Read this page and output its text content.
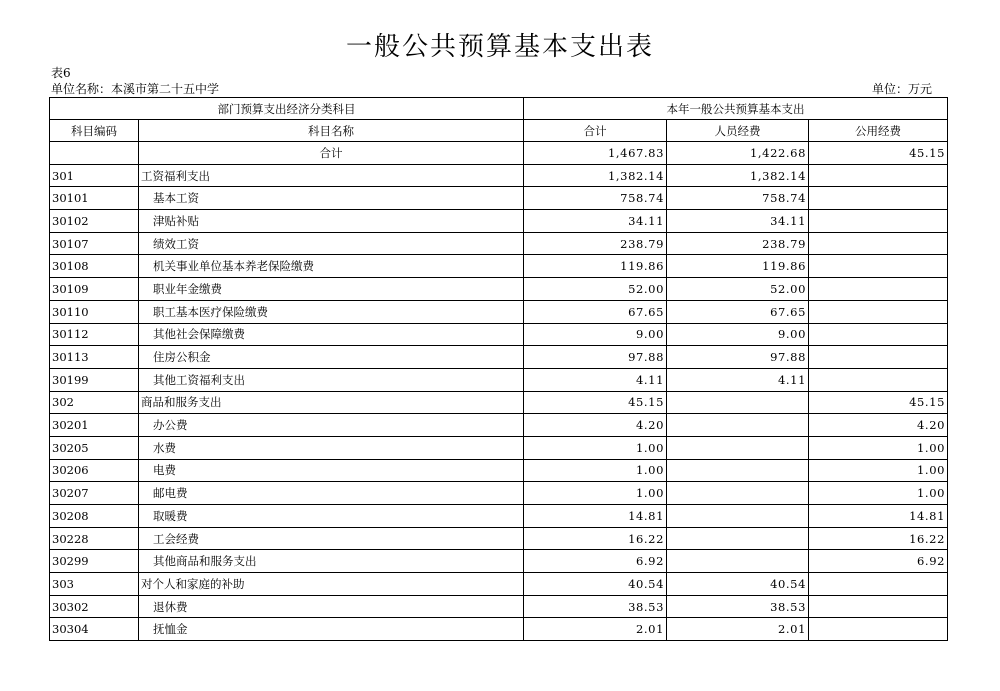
一般公共预算基本支出表
表6
单位名称：本溪市第二十五中学	单位：万元
部门预算支出经济分类科目		本年一般公共预算基本支出		
科目编码	科目名称	合计	人员经费	公用经费
	合计	1,467.83	1,422.68	45.15
301	工资福利支出	1,382.14	1,382.14	
30101	基本工资	758.74	758.74	
30102	津贴补贴	34.11	34.11	
30107	绩效工资	238.79	238.79	
30108	机关事业单位基本养老保险缴费	119.86	119.86	
30109	职业年金缴费	52.00	52.00	
30110	职工基本医疗保险缴费	67.65	67.65	
30112	其他社会保障缴费	9.00	9.00	
30113	住房公积金	97.88	97.88	
30199	其他工资福利支出	4.11	4.11	
302	商品和服务支出	45.15		45.15
30201	办公费	4.20		4.20
30205	水费	1.00		1.00
30206	电费	1.00		1.00
30207	邮电费	1.00		1.00
30208	取暖费	14.81		14.81
30228	工会经费	16.22		16.22
30299	其他商品和服务支出	6.92		6.92
303	对个人和家庭的补助	40.54	40.54	
30302	退休费	38.53	38.53	
30304	抚恤金	2.01	2.01	
